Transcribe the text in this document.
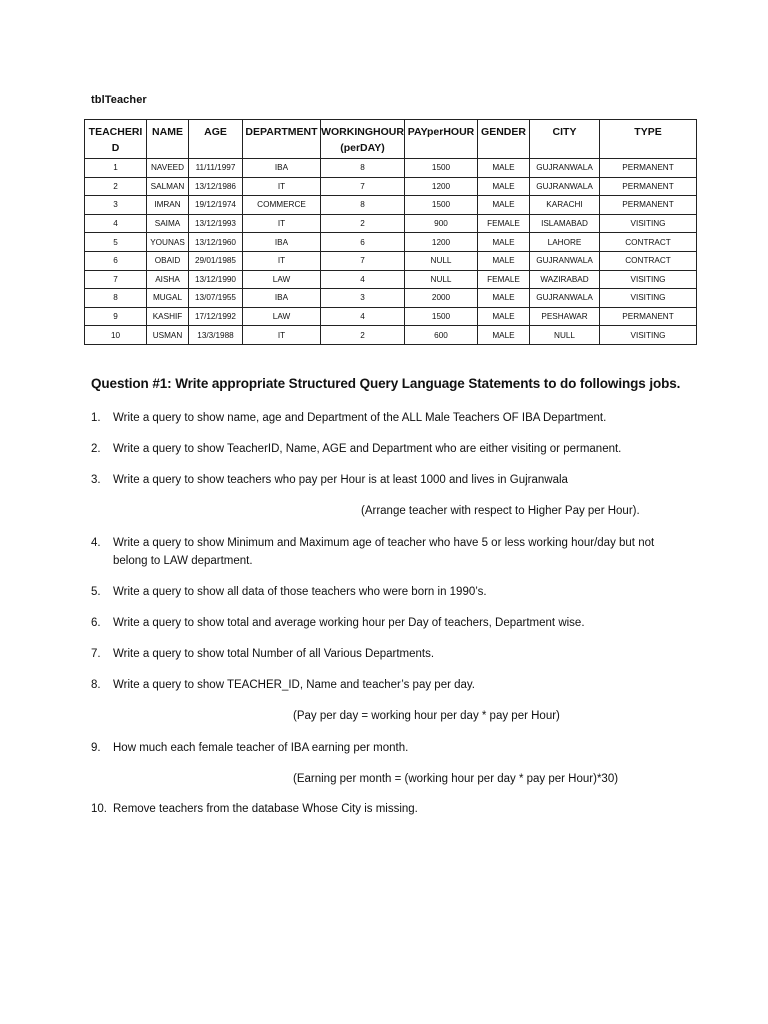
tblTeacher
TEACHERID	NAME	AGE	DEPARTMENT	WORKINGHOUR (perDAY)	PAYperHOUR	GENDER	CITY	TYPE
1	NAVEED	11/11/1997	IBA	8	1500	MALE	GUJRANWALA	PERMANENT
2	SALMAN	13/12/1986	IT	7	1200	MALE	GUJRANWALA	PERMANENT
3	IMRAN	19/12/1974	COMMERCE	8	1500	MALE	KARACHI	PERMANENT
4	SAIMA	13/12/1993	IT	2	900	FEMALE	ISLAMABAD	VISITING
5	YOUNAS	13/12/1960	IBA	6	1200	MALE	LAHORE	CONTRACT
6	OBAID	29/01/1985	IT	7	NULL	MALE	GUJRANWALA	CONTRACT
7	AISHA	13/12/1990	LAW	4	NULL	FEMALE	WAZIRABAD	VISITING
8	MUGAL	13/07/1955	IBA	3	2000	MALE	GUJRANWALA	VISITING
9	KASHIF	17/12/1992	LAW	4	1500	MALE	PESHAWAR	PERMANENT
10	USMAN	13/3/1988	IT	2	600	MALE	NULL	VISITING
Question #1: Write appropriate Structured Query Language Statements to do followings jobs.
1. Write a query to show name, age and Department of the ALL Male Teachers OF IBA Department.
2. Write a query to show TeacherID, Name, AGE and Department who are either visiting or permanent.
3. Write a query to show teachers who pay per Hour is at least 1000 and lives in Gujranwala
(Arrange teacher with respect to Higher Pay per Hour).
4. Write a query to show Minimum and Maximum age of teacher who have 5 or less working hour/day but not belong to LAW department.
5. Write a query to show all data of those teachers who were born in 1990’s.
6. Write a query to show total and average working hour per Day of teachers, Department wise.
7. Write a query to show total Number of all Various Departments.
8. Write a query to show TEACHER_ID, Name and teacher’s pay per day.
(Pay per day = working hour per day * pay per Hour)
9. How much each female teacher of IBA earning per month.
(Earning per month = (working hour per day * pay per Hour)*30)
10. Remove teachers from the database Whose City is missing.
